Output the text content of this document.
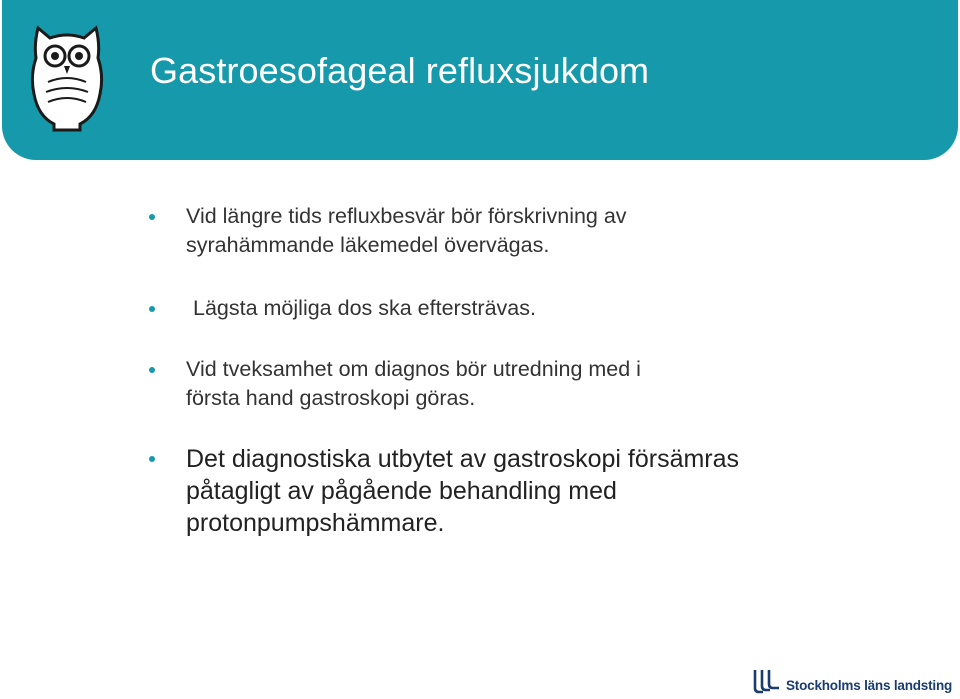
Gastroesofageal refluxsjukdom
Vid längre tids refluxbesvär bör förskrivning av
syrahämmande läkemedel övervägas.
Lägsta möjliga dos ska eftersträvas.
Vid tveksamhet om diagnos bör utredning med i
första hand gastroskopi göras.
Det diagnostiska utbytet av gastroskopi försämras
påtagligt av pågående behandling med
protonpumpshämmare.
Stockholms läns landsting
